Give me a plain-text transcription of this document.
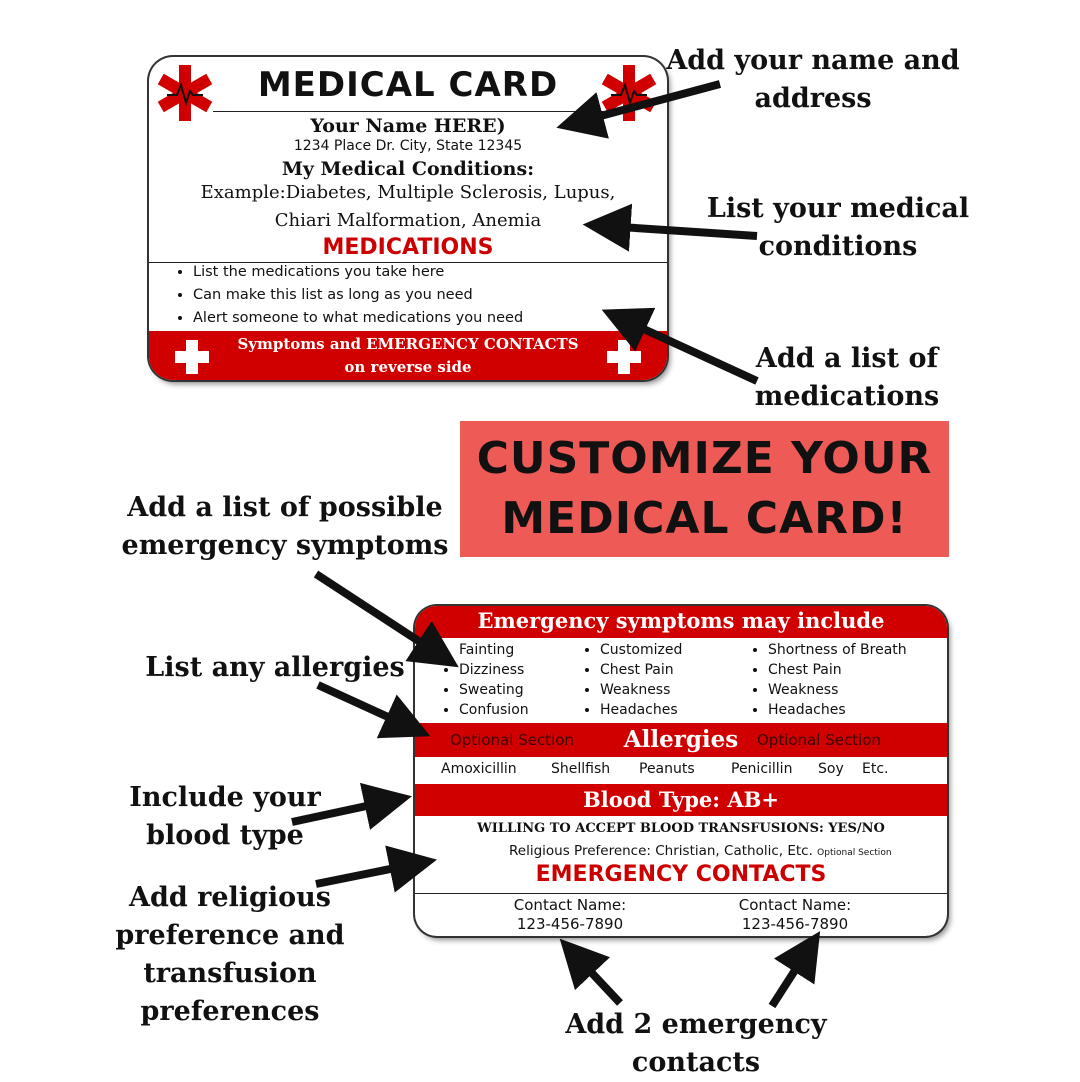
Add your name and
address
List your medical
conditions
Add a list of
medications
Add a list of possible
emergency symptoms
List any allergies
Include your
blood type
Add religious
preference and
transfusion
preferences	Add 2 emergency
contacts
CUSTOMIZE YOUR
MEDICAL CARD!
MEDICAL CARD
Your Name HERE)
1234 Place Dr. City, State 12345
My Medical Conditions:
Example:Diabetes, Multiple Sclerosis, Lupus,
Chiari Malformation, Anemia
MEDICATIONS
• List the medications you take here
• Can make this list as long as you need
• Alert someone to what medications you need
Symptoms and EMERGENCY CONTACTS
on reverse side
Emergency symptoms may include
• Fainting
• Dizziness
• Sweating
• Confusion
• Customized
• Chest Pain
• Weakness
• Headaches
• Shortness of Breath
• Chest Pain
• Weakness
• Headaches
Allergies
Optional Section	Optional Section
Amoxicillin Shellfish Peanuts	Penicillin Soy Etc.
Blood Type: AB+
WILLING TO ACCEPT BLOOD TRANSFUSIONS: YES/NO
Religious Preference: Christian, Catholic, Etc. Optional Section
EMERGENCY CONTACTS
Contact Name:
123-456-7890
Contact Name:
123-456-7890
